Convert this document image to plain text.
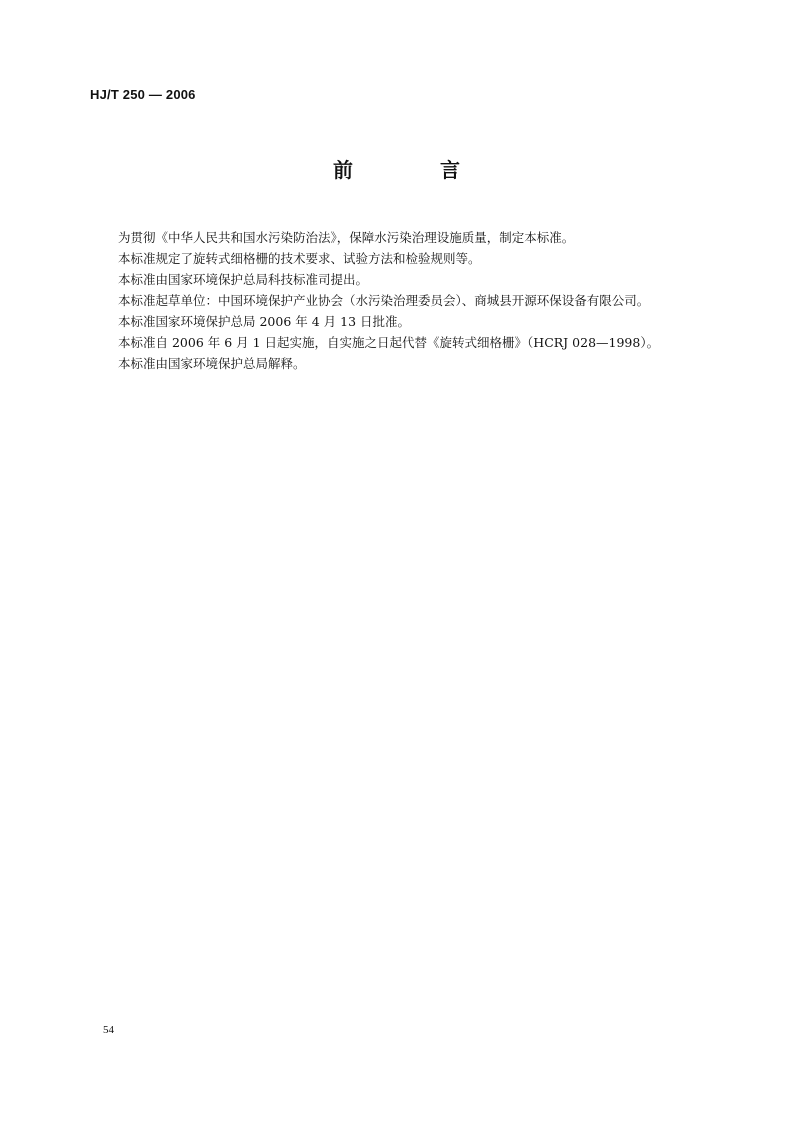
HJ/T 250 — 2006
前 言
为贯彻《中华人民共和国水污染防治法》，保障水污染治理设施质量，制定本标准。
本标准规定了旋转式细格栅的技术要求、试验方法和检验规则等。
本标准由国家环境保护总局科技标准司提出。
本标准起草单位：中国环境保护产业协会（水污染治理委员会）、商城县开源环保设备有限公司。
本标准国家环境保护总局 2006 年 4 月 13 日批准。
本标准自 2006 年 6 月 1 日起实施，自实施之日起代替《旋转式细格栅》（HCRJ 028—1998）。
本标准由国家环境保护总局解释。
54
